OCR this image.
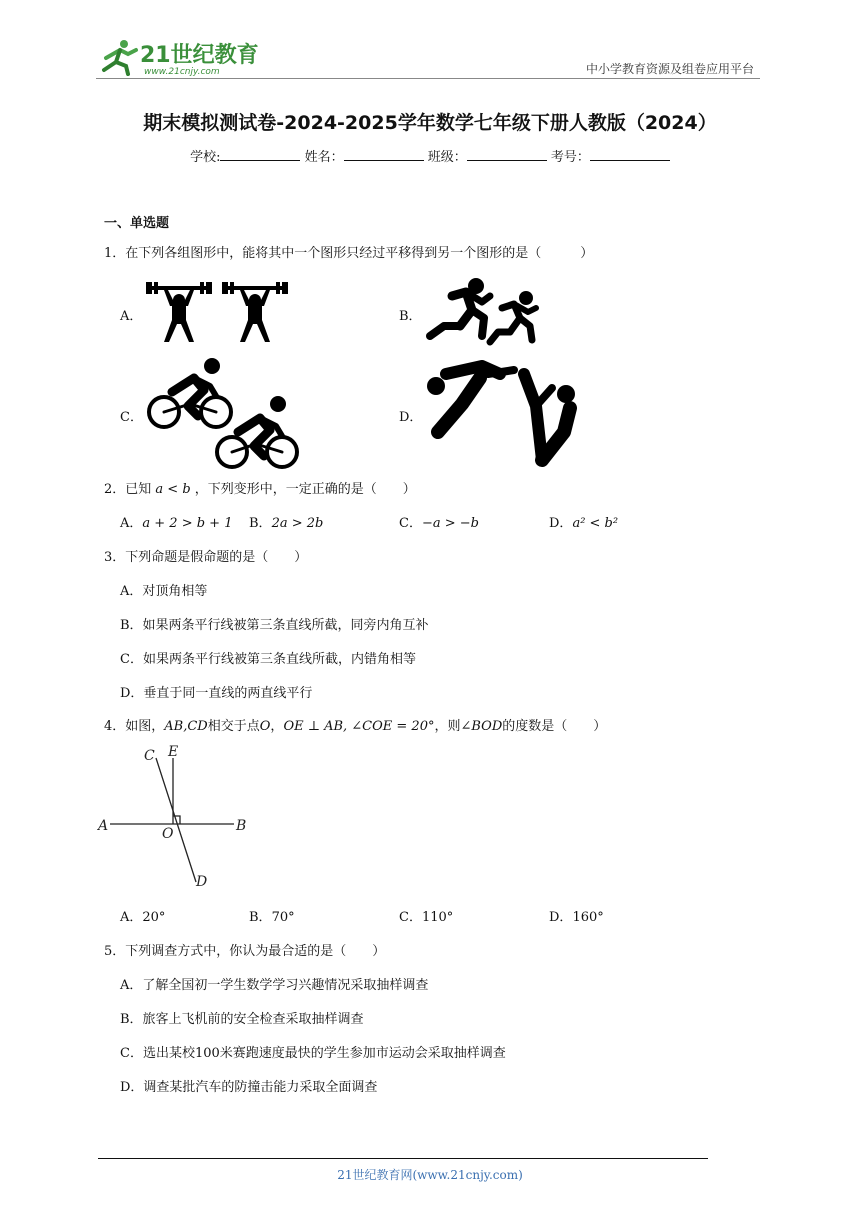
21世纪教育
www.21cnjy.com	中小学教育资源及组卷应用平台
期末模拟测试卷-2024-2025学年数学七年级下册人教版（2024）
学校:	姓名：	班级：	考号：
一、单选题
1．在下列各组图形中，能将其中一个图形只经过平移得到另一个图形的是（　　　）
A．	B．
C．	D．
2．已知 a < b ，下列变形中，一定正确的是（　　）
A．a + 2 > b + 1 B．2a > 2b	C．−a > −b	D．a² < b²
3．下列命题是假命题的是（　　）
A．对顶角相等
B．如果两条平行线被第三条直线所截，同旁内角互补
C．如果两条平行线被第三条直线所截，内错角相等
D．垂直于同一直线的两直线平行
4．如图，AB,CD相交于点O，OE ⊥ AB, ∠COE = 20°，则∠BOD的度数是（　　）
C E
A	O	B
D
A．20°	B．70°	C．110°	D．160°
5．下列调查方式中，你认为最合适的是（　　）
A．了解全国初一学生数学学习兴趣情况采取抽样调查
B．旅客上飞机前的安全检查采取抽样调查
C．选出某校100米赛跑速度最快的学生参加市运动会采取抽样调查
D．调查某批汽车的防撞击能力采取全面调查
21世纪教育网(www.21cnjy.com)
